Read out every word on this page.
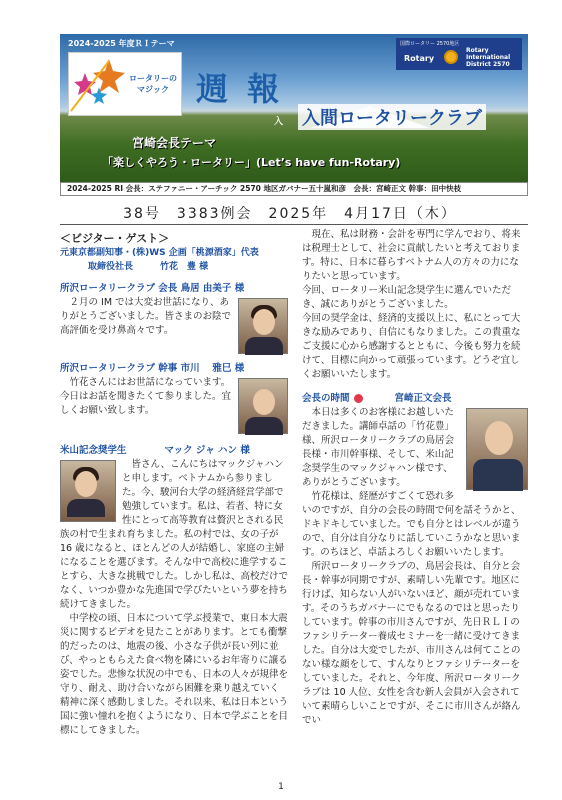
2024-2025 年度ＲＩテーマ
ロータリーの マジック
国際ロータリー 2570地区
Rotary
Rotary International District 2570
週 報
入 入間ロータリークラブ
宮崎会長テーマ
「楽しくやろう・ロータリー」(Let’s have fun-Rotary)
2024-2025 RI 会長：ステファニー・アーチック 2570 地区ガバナー五十嵐和彦　会長：宮崎正文 幹事：田中快枝
38号　3383例会　2025年　4月17日（木）

＜ビジター・ゲスト＞

元東京都副知事・(株)WS 企画「桃源酒家」代表

取締役社長　　　竹花　豊 様

所沢ロータリークラブ 会長 鳥居 由美子 様

２月の IM では大変お世話になり、ありがとうございました。皆さまのお陰で高評価を受け鼻高々です。

所沢ロータリークラブ 幹事 市川　 雅巳 様

竹花さんにはお世話になっています。今日はお話を聞きたくて参りました。宜しくお願い致します。

米山記念奨学生　　　　マック ジャ ハン 様

皆さん、こんにちはマックジャハンと申します。ベトナムから参りました。今、駿河台大学の経済経営学部で勉強しています。私は、若者、特に女性にとって高等教育は贅沢とされる民族の村で生まれ育ちました。私の村では、女の子が 16 歳になると、ほとんどの人が結婚し、家庭の主婦になることを選びます。そんな中で高校に進学することすら、大きな挑戦でした。しかし私は、高校だけでなく、いつか豊かな先進国で学びたいという夢を持ち続けてきました。

中学校の頃、日本について学ぶ授業で、東日本大震災に関するビデオを見たことがあります。とても衝撃的だったのは、地震の後、小さな子供が長い列に並び、やっともらえた食べ物を隣にいるお年寄りに譲る姿でした。悲惨な状況の中でも、日本の人々が規律を守り、耐え、助け合いながら困難を乗り越えていく精神に深く感動しました。それ以来、私は日本という国に強い憧れを抱くようになり、日本で学ぶことを目標にしてきました。

現在、私は財務・会計を専門に学んでおり、将来は税理士として、社会に貢献したいと考えております。特に、日本に暮らすベトナム人の方々の力になりたいと思っています。

今回、ロータリー米山記念奨学生に選んでいただき、誠にありがとうございました。

今回の奨学金は、経済的支援以上に、私にとって大きな励みであり、自信にもなりました。この貴重なご支援に心から感謝するとともに、今後も努力を続けて、目標に向かって頑張っています。どうぞ宜しくお願いいたします。

会長の時間	宮崎正文会長

本日は多くのお客様にお越しいただきました。講師卓話の「竹花豊」様、所沢ロータリークラブの鳥居会長様・市川幹事様、そして、米山記念奨学生のマックジャハン様です、ありがとうございます。

竹花様は、経歴がすごくて恐れ多いのですが、自分の会長の時間で何を話そうかと、ドキドキしていました。でも自分とはレベルが違うので、自分は自分なりに話していこうかなと思います。のちほど、卓話よろしくお願いいたします。

所沢ロータリークラブの、鳥居会長は、自分と会長・幹事が同期ですが、素晴しい先輩です。地区に行けば、知らない人がいないほど、顔が売れています。そのうちガバナーにでもなるのではと思ったりしています。幹事の市川さんですが、先日ＲＬＩのファシリテーター養成セミナーを一緒に受けてきました。自分は大変でしたが、市川さんは何てことのない様な顔をして、すんなりとファシリテーターをしていました。それと、今年度、所沢ロータリークラブは 10 人位、女性を含む新人会員が入会されていて素晴らしいことですが、そこに市川さんが絡んでい

1
